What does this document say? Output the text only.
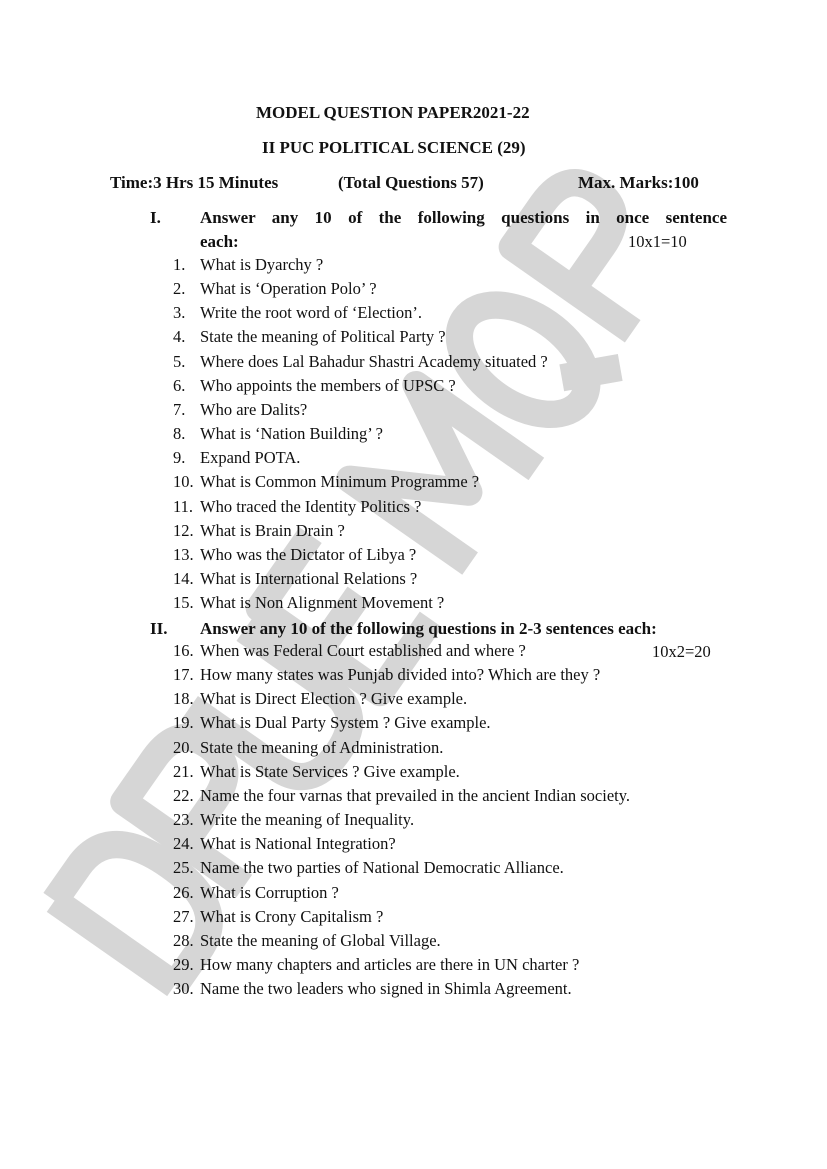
MODEL QUESTION PAPER2021-22
II PUC POLITICAL SCIENCE (29)
Time:3 Hrs 15 Minutes	(Total Questions 57)	Max. Marks:100
I. Answer any 10 of the following questions in once sentence
each:	10x1=10
1. What is Dyarchy ?
2. What is ‘Operation Polo’ ?
3. Write the root word of ‘Election’.
4. State the meaning of Political Party ?
5. Where does Lal Bahadur Shastri Academy situated ?
6. Who appoints the members of UPSC ?
7. Who are Dalits?
8. What is ‘Nation Building’ ?
9. Expand POTA.
10. What is Common Minimum Programme ?
11. Who traced the Identity Politics ?
12. What is Brain Drain ?
13. Who was the Dictator of Libya ?
14. What is International Relations ?
15. What is Non Alignment Movement ?
II. Answer any 10 of the following questions in 2-3 sentences each:
10x2=20
16. When was Federal Court established and where ?
17. How many states was Punjab divided into? Which are they ?
18. What is Direct Election ? Give example.
19. What is Dual Party System ? Give example.
20. State the meaning of Administration.
21. What is State Services ? Give example.
22. Name the four varnas that prevailed in the ancient Indian society.
23. Write the meaning of Inequality.
24. What is National Integration?
25. Name the two parties of National Democratic Alliance.
26. What is Corruption ?
27. What is Crony Capitalism ?
28. State the meaning of Global Village.
29. How many chapters and articles are there in UN charter ?
30. Name the two leaders who signed in Shimla Agreement.
